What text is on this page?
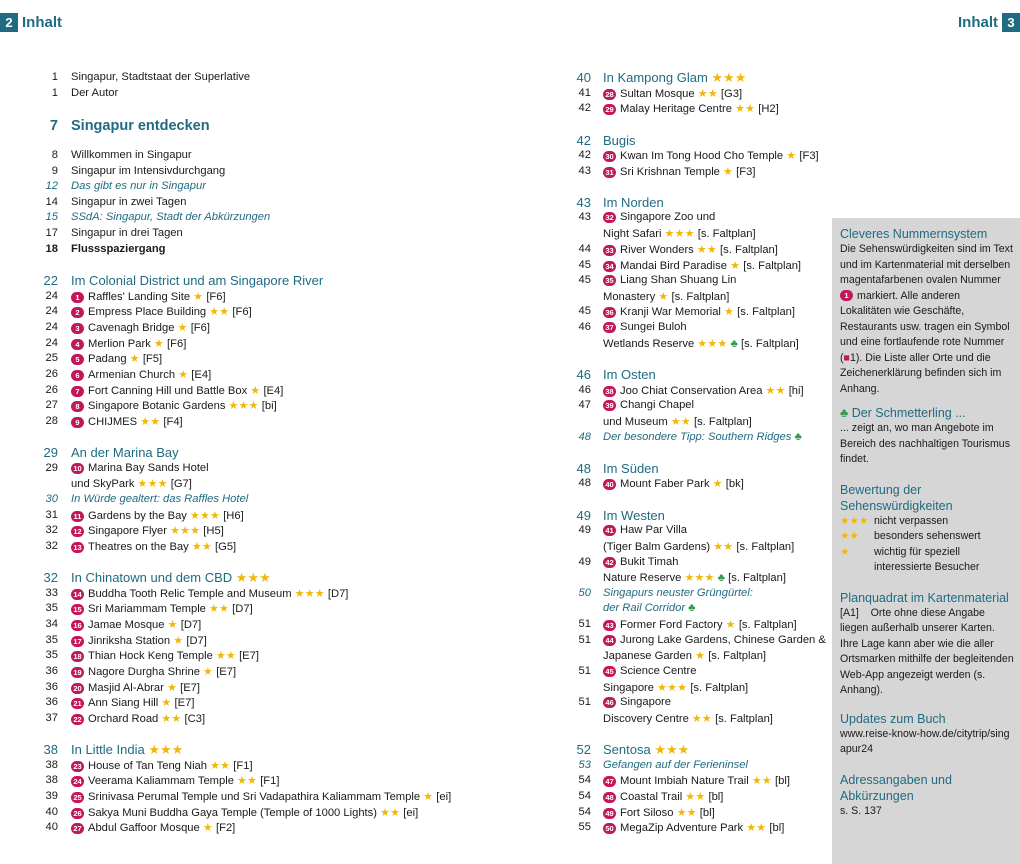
2 Inhalt	Inhalt 3
1 Singapur, Stadtstaat der Superlative
1 Der Autor
7 Singapur entdecken
8 Willkommen in Singapur
9 Singapur im Intensivdurchgang
12 Das gibt es nur in Singapur
14 Singapur in zwei Tagen
15 SSdA: Singapur, Stadt der Abkürzungen
17 Singapur in drei Tagen
18 Flussspaziergang
22 Im Colonial District und am Singapore River
24	1 Raffles' Landing Site ★ [F6]
24	2 Empress Place Building ★★ [F6]
24	3 Cavenagh Bridge ★ [F6]
24	4 Merlion Park ★ [F6]
25	5 Padang ★ [F5]
26	6 Armenian Church ★ [E4]
26	7 Fort Canning Hill und Battle Box ★ [E4]
27	8 Singapore Botanic Gardens ★★★ [bi]
28	9 CHIJMES ★★ [F4]
29 An der Marina Bay
29	10 Marina Bay Sands Hotel
und SkyPark ★★★ [G7]
30 In Würde gealtert: das Raffles Hotel
31	11 Gardens by the Bay ★★★ [H6]
32	12 Singapore Flyer ★★★ [H5]
32	13 Theatres on the Bay ★★ [G5]
32 In Chinatown und dem CBD ★★★
33	14 Buddha Tooth Relic Temple and Museum ★★★ [D7]
35	15 Sri Mariammam Temple ★★ [D7]
34	16 Jamae Mosque ★ [D7]
35	17 Jinriksha Station ★ [D7]
35	18 Thian Hock Keng Temple ★★ [E7]
36	19 Nagore Durgha Shrine ★ [E7]
36	20 Masjid Al-Abrar ★ [E7]
36	21 Ann Siang Hill ★ [E7]
37	22 Orchard Road ★★ [C3]
38 In Little India ★★★
38	23 House of Tan Teng Niah ★★ [F1]
38	24 Veerama Kaliammam Temple ★★ [F1]
39	25 Srinivasa Perumal Temple und Sri Vadapathira Kaliammam Temple ★ [ei]
40	26 Sakya Muni Buddha Gaya Temple (Temple of 1000 Lights) ★★ [ei]
40	27 Abdul Gaffoor Mosque ★ [F2]
40 In Kampong Glam ★★★
41	28 Sultan Mosque ★★ [G3]
42	29 Malay Heritage Centre ★★ [H2]
42 Bugis
42	30 Kwan Im Tong Hood Cho Temple ★ [F3]
43	31 Sri Krishnan Temple ★ [F3]
43 Im Norden
43	32 Singapore Zoo und
Night Safari ★★★ [s. Faltplan]
44	33 River Wonders ★★ [s. Faltplan]
45	34 Mandai Bird Paradise ★ [s. Faltplan]
45	35 Liang Shan Shuang Lin
Monastery ★ [s. Faltplan]
45	36 Kranji War Memorial ★ [s. Faltplan]
46	37 Sungei Buloh
Wetlands Reserve ★★★ ♣ [s. Faltplan]
46 Im Osten
46	38 Joo Chiat Conservation Area ★★ [hi]
47	39 Changi Chapel
und Museum ★★ [s. Faltplan]
48 Der besondere Tipp: Southern Ridges ♣
48 Im Süden
48	40 Mount Faber Park ★ [bk]
49 Im Westen
49	41 Haw Par Villa
(Tiger Balm Gardens) ★★ [s. Faltplan]
49	42 Bukit Timah
Nature Reserve ★★★ ♣ [s. Faltplan]
50 Singapurs neuster Grüngürtel:
der Rail Corridor ♣
51	43 Former Ford Factory ★ [s. Faltplan]
51	44 Jurong Lake Gardens, Chinese Garden &
Japanese Garden ★ [s. Faltplan]
51	45 Science Centre
Singapore ★★★ [s. Faltplan]
51	46 Singapore
Discovery Centre ★★ [s. Faltplan]
52 Sentosa ★★★
53 Gefangen auf der Ferieninsel
54	47 Mount Imbiah Nature Trail ★★ [bl]
54	48 Coastal Trail ★★ [bl]
54	49 Fort Siloso ★★ [bl]
55	50 MegaZip Adventure Park ★★ [bl]
Cleveres Nummernsystem

Die Sehenswürdigkeiten sind im Text und im Kartenmaterial mit derselben magentafarbenen ovalen Nummer 1 markiert. Alle anderen Lokalitäten wie Geschäfte, Restaurants usw. tragen ein Symbol und eine fortlaufende rote Nummer (■1). Die Liste aller Orte und die Zeichenerklärung befinden sich im Anhang.

♣ Der Schmetterling ...

... zeigt an, wo man Angebote im Bereich des nachhaltigen Tourismus findet.

Bewertung der Sehenswürdigkeiten
★★★ nicht verpassen
★★	besonders sehenswert
★	wichtig für speziell interessierte Besucher
Planquadrat im Kartenmaterial

[A1] Orte ohne diese Angabe liegen außerhalb unserer Karten. Ihre Lage kann aber wie die aller Ortsmarken mithilfe der begleitenden Web-App angezeigt werden (s. Anhang).

Updates zum Buch

www.reise-know-how.de/citytrip/singapur24

Adressangaben und Abkürzungen

s. S. 137
